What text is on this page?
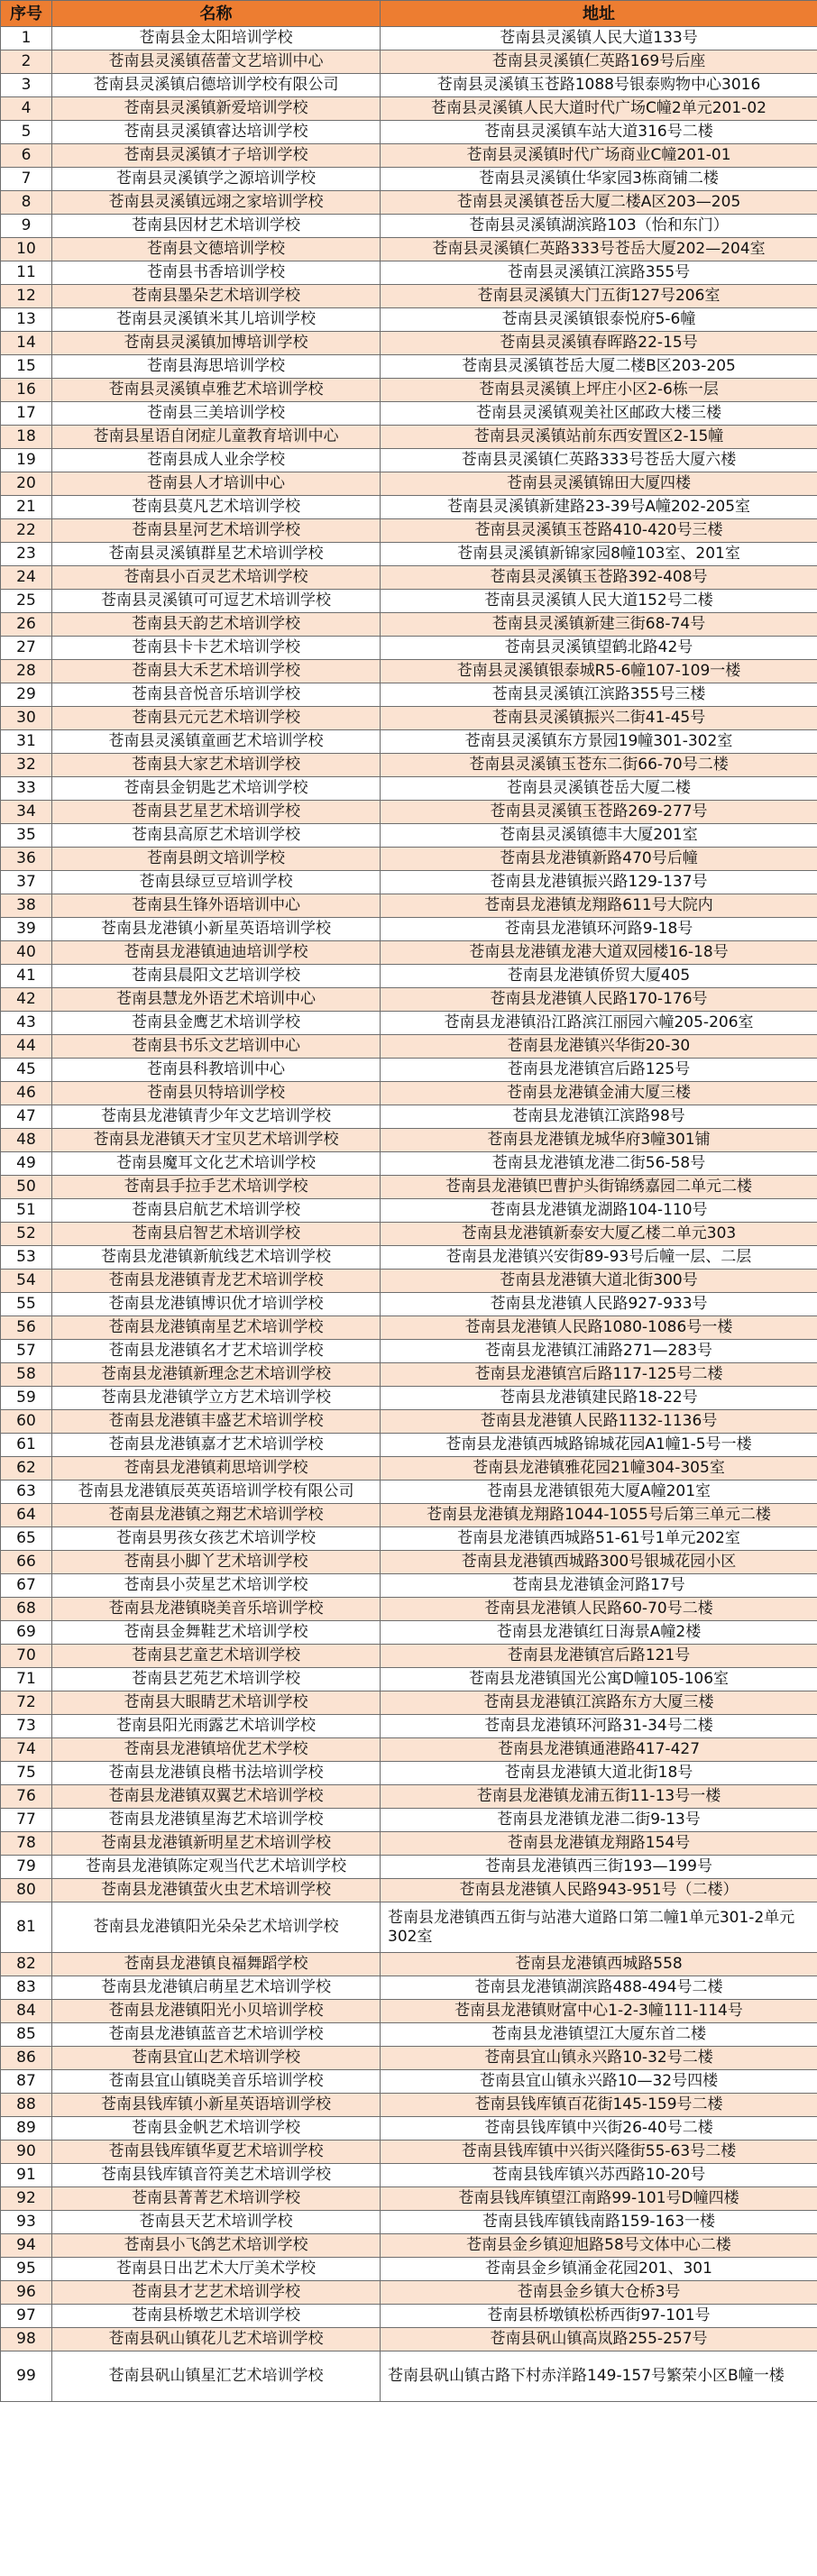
序号	名称	地址
1	苍南县金太阳培训学校	苍南县灵溪镇人民大道133号
2	苍南县灵溪镇蓓蕾文艺培训中心	苍南县灵溪镇仁英路169号后座
3	苍南县灵溪镇启德培训学校有限公司	苍南县灵溪镇玉苍路1088号银泰购物中心3016
4	苍南县灵溪镇新爱培训学校	苍南县灵溪镇人民大道时代广场C幢2单元201-02
5	苍南县灵溪镇睿达培训学校	苍南县灵溪镇车站大道316号二楼
6	苍南县灵溪镇才子培训学校	苍南县灵溪镇时代广场商业C幢201-01
7	苍南县灵溪镇学之源培训学校	苍南县灵溪镇仕华家园3栋商铺二楼
8	苍南县灵溪镇远翊之家培训学校	苍南县灵溪镇苍岳大厦二楼A区203—205
9	苍南县因材艺术培训学校	苍南县灵溪镇湖滨路103（怡和东门）
10	苍南县文德培训学校	苍南县灵溪镇仁英路333号苍岳大厦202—204室
11	苍南县书香培训学校	苍南县灵溪镇江滨路355号
12	苍南县墨朵艺术培训学校	苍南县灵溪镇大门五街127号206室
13	苍南县灵溪镇米其儿培训学校	苍南县灵溪镇银泰悦府5-6幢
14	苍南县灵溪镇加博培训学校	苍南县灵溪镇春晖路22-15号
15	苍南县海思培训学校	苍南县灵溪镇苍岳大厦二楼B区203-205
16	苍南县灵溪镇卓雅艺术培训学校	苍南县灵溪镇上坪庄小区2-6栋一层
17	苍南县三美培训学校	苍南县灵溪镇观美社区邮政大楼三楼
18	苍南县星语自闭症儿童教育培训中心	苍南县灵溪镇站前东西安置区2-15幢
19	苍南县成人业余学校	苍南县灵溪镇仁英路333号苍岳大厦六楼
20	苍南县人才培训中心	苍南县灵溪镇锦田大厦四楼
21	苍南县莫凡艺术培训学校	苍南县灵溪镇新建路23-39号A幢202-205室
22	苍南县星河艺术培训学校	苍南县灵溪镇玉苍路410-420号三楼
23	苍南县灵溪镇群星艺术培训学校	苍南县灵溪镇新锦家园8幢103室、201室
24	苍南县小百灵艺术培训学校	苍南县灵溪镇玉苍路392-408号
25	苍南县灵溪镇可可逗艺术培训学校	苍南县灵溪镇人民大道152号二楼
26	苍南县天韵艺术培训学校	苍南县灵溪镇新建三街68-74号
27	苍南县卡卡艺术培训学校	苍南县灵溪镇望鹤北路42号
28	苍南县大禾艺术培训学校	苍南县灵溪镇银泰城R5-6幢107-109一楼
29	苍南县音悦音乐培训学校	苍南县灵溪镇江滨路355号三楼
30	苍南县元元艺术培训学校	苍南县灵溪镇振兴二街41-45号
31	苍南县灵溪镇童画艺术培训学校	苍南县灵溪镇东方景园19幢301-302室
32	苍南县大家艺术培训学校	苍南县灵溪镇玉苍东二街66-70号二楼
33	苍南县金钥匙艺术培训学校	苍南县灵溪镇苍岳大厦二楼
34	苍南县艺星艺术培训学校	苍南县灵溪镇玉苍路269-277号
35	苍南县高原艺术培训学校	苍南县灵溪镇德丰大厦201室
36	苍南县朗文培训学校	苍南县龙港镇新路470号后幢
37	苍南县绿豆豆培训学校	苍南县龙港镇振兴路129-137号
38	苍南县生锋外语培训中心	苍南县龙港镇龙翔路611号大院内
39	苍南县龙港镇小新星英语培训学校	苍南县龙港镇环河路9-18号
40	苍南县龙港镇迪迪培训学校	苍南县龙港镇龙港大道双园楼16-18号
41	苍南县晨阳文艺培训学校	苍南县龙港镇侨贸大厦405
42	苍南县慧龙外语艺术培训中心	苍南县龙港镇人民路170-176号
43	苍南县金鹰艺术培训学校	苍南县龙港镇沿江路滨江丽园六幢205-206室
44	苍南县书乐文艺培训中心	苍南县龙港镇兴华街20-30
45	苍南县科教培训中心	苍南县龙港镇宫后路125号
46	苍南县贝特培训学校	苍南县龙港镇金浦大厦三楼
47	苍南县龙港镇青少年文艺培训学校	苍南县龙港镇江滨路98号
48	苍南县龙港镇天才宝贝艺术培训学校	苍南县龙港镇龙城华府3幢301铺
49	苍南县魔耳文化艺术培训学校	苍南县龙港镇龙港二街56-58号
50	苍南县手拉手艺术培训学校	苍南县龙港镇巴曹护头街锦绣嘉园二单元二楼
51	苍南县启航艺术培训学校	苍南县龙港镇龙湖路104-110号
52	苍南县启智艺术培训学校	苍南县龙港镇新泰安大厦乙楼二单元303
53	苍南县龙港镇新航线艺术培训学校	苍南县龙港镇兴安街89-93号后幢一层、二层
54	苍南县龙港镇青龙艺术培训学校	苍南县龙港镇大道北街300号
55	苍南县龙港镇博识优才培训学校	苍南县龙港镇人民路927-933号
56	苍南县龙港镇南星艺术培训学校	苍南县龙港镇人民路1080-1086号一楼
57	苍南县龙港镇名才艺术培训学校	苍南县龙港镇江浦路271—283号
58	苍南县龙港镇新理念艺术培训学校	苍南县龙港镇宫后路117-125号二楼
59	苍南县龙港镇学立方艺术培训学校	苍南县龙港镇建民路18-22号
60	苍南县龙港镇丰盛艺术培训学校	苍南县龙港镇人民路1132-1136号
61	苍南县龙港镇嘉才艺术培训学校	苍南县龙港镇西城路锦城花园A1幢1-5号一楼
62	苍南县龙港镇莉思培训学校	苍南县龙港镇雅花园21幢304-305室
63	苍南县龙港镇辰英英语培训学校有限公司	苍南县龙港镇银苑大厦A幢201室
64	苍南县龙港镇之翔艺术培训学校	苍南县龙港镇龙翔路1044-1055号后第三单元二楼
65	苍南县男孩女孩艺术培训学校	苍南县龙港镇西城路51-61号1单元202室
66	苍南县小脚丫艺术培训学校	苍南县龙港镇西城路300号银城花园小区
67	苍南县小荧星艺术培训学校	苍南县龙港镇金河路17号
68	苍南县龙港镇晓美音乐培训学校	苍南县龙港镇人民路60-70号二楼
69	苍南县金舞鞋艺术培训学校	苍南县龙港镇红日海景A幢2楼
70	苍南县艺童艺术培训学校	苍南县龙港镇宫后路121号
71	苍南县艺苑艺术培训学校	苍南县龙港镇国光公寓D幢105-106室
72	苍南县大眼睛艺术培训学校	苍南县龙港镇江滨路东方大厦三楼
73	苍南县阳光雨露艺术培训学校	苍南县龙港镇环河路31-34号二楼
74	苍南县龙港镇培优艺术学校	苍南县龙港镇通港路417-427
75	苍南县龙港镇良楷书法培训学校	苍南县龙港镇大道北街18号
76	苍南县龙港镇双翼艺术培训学校	苍南县龙港镇龙浦五街11-13号一楼
77	苍南县龙港镇星海艺术培训学校	苍南县龙港镇龙港二街9-13号
78	苍南县龙港镇新明星艺术培训学校	苍南县龙港镇龙翔路154号
79	苍南县龙港镇陈定观当代艺术培训学校	苍南县龙港镇西三街193—199号
80	苍南县龙港镇萤火虫艺术培训学校	苍南县龙港镇人民路943-951号（二楼）
81	苍南县龙港镇阳光朵朵艺术培训学校	苍南县龙港镇西五街与站港大道路口第二幢1单元301-2单元302室
82	苍南县龙港镇良福舞蹈学校	苍南县龙港镇西城路558
83	苍南县龙港镇启萌星艺术培训学校	苍南县龙港镇湖滨路488-494号二楼
84	苍南县龙港镇阳光小贝培训学校	苍南县龙港镇财富中心1-2-3幢111-114号
85	苍南县龙港镇蓝音艺术培训学校	苍南县龙港镇望江大厦东首二楼
86	苍南县宜山艺术培训学校	苍南县宜山镇永兴路10-32号二楼
87	苍南县宜山镇晓美音乐培训学校	苍南县宜山镇永兴路10—32号四楼
88	苍南县钱库镇小新星英语培训学校	苍南县钱库镇百花街145-159号二楼
89	苍南县金帆艺术培训学校	苍南县钱库镇中兴街26-40号二楼
90	苍南县钱库镇华夏艺术培训学校	苍南县钱库镇中兴街兴隆街55-63号二楼
91	苍南县钱库镇音符美艺术培训学校	苍南县钱库镇兴苏西路10-20号
92	苍南县菁菁艺术培训学校	苍南县钱库镇望江南路99-101号D幢四楼
93	苍南县天艺术培训学校	苍南县钱库镇钱南路159-163一楼
94	苍南县小飞鸽艺术培训学校	苍南县金乡镇迎旭路58号文体中心二楼
95	苍南县日出艺术大厅美术学校	苍南县金乡镇涌金花园201、301
96	苍南县才艺艺术培训学校	苍南县金乡镇大仓桥3号
97	苍南县桥墩艺术培训学校	苍南县桥墩镇松桥西街97-101号
98	苍南县矾山镇花儿艺术培训学校	苍南县矾山镇高岚路255-257号
99	苍南县矾山镇星汇艺术培训学校	苍南县矾山镇古路下村赤洋路149-157号繁荣小区B幢一楼
